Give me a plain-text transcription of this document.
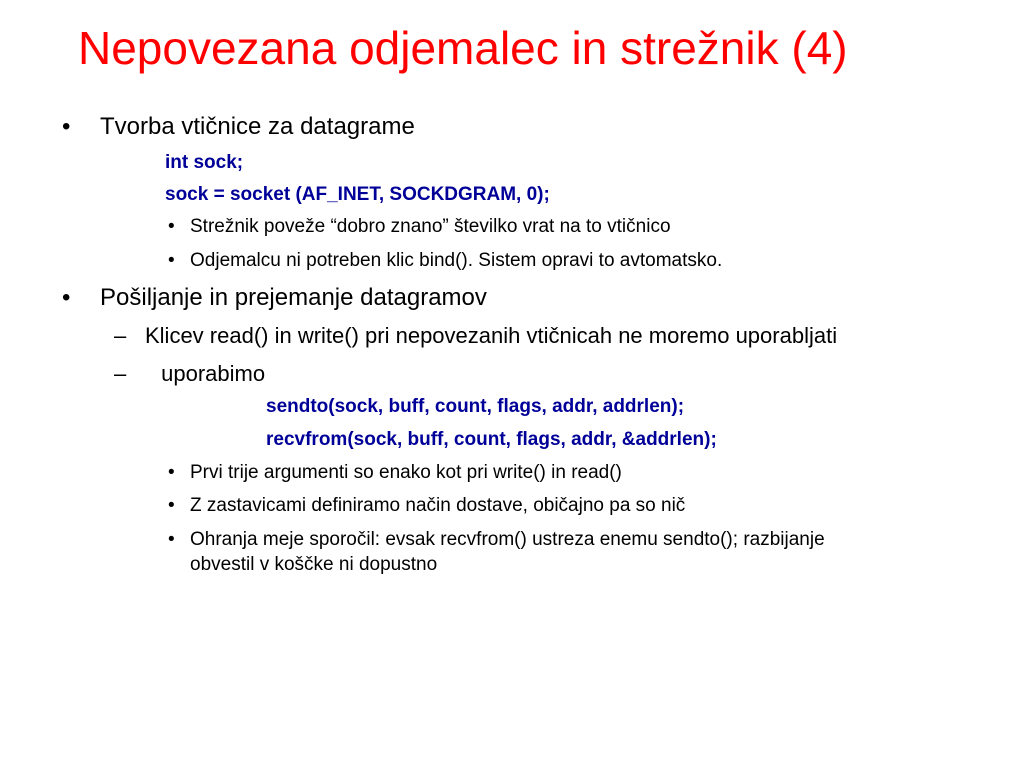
Nepovezana odjemalec in strežnik (4)
• Tvorba vtičnice za datagrame
int sock;
sock = socket (AF_INET, SOCKDGRAM, 0);
• Strežnik poveže “dobro znano” številko vrat na to vtičnico
• Odjemalcu ni potreben klic bind(). Sistem opravi to avtomatsko.
• Pošiljanje in prejemanje datagramov
– Klicev read() in write() pri nepovezanih vtičnicah ne moremo uporabljati
– uporabimo
sendto(sock, buff, count, flags, addr, addrlen);
recvfrom(sock, buff, count, flags, addr, &addrlen);
• Prvi trije argumenti so enako kot pri write() in read()
• Z zastavicami definiramo način dostave, običajno pa so nič
• Ohranja meje sporočil: evsak recvfrom() ustreza enemu sendto(); razbijanje
obvestil v koščke ni dopustno
